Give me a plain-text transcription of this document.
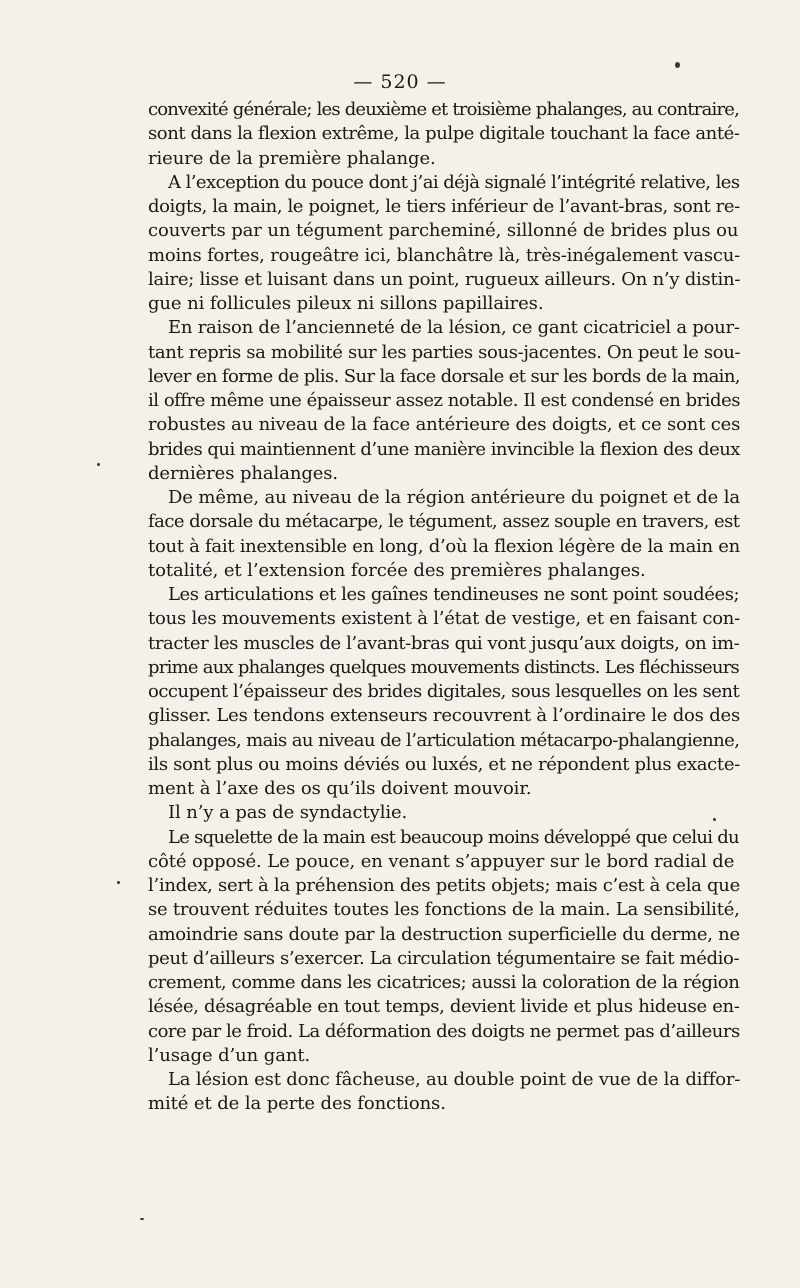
— 520 —

convexité générale; les deuxième et troisième phalanges, au contraire,

sont dans la flexion extrême, la pulpe digitale touchant la face anté-

rieure de la première phalange.

A l’exception du pouce dont j’ai déjà signalé l’intégrité relative, les

doigts, la main, le poignet, le tiers inférieur de l’avant-bras, sont re-

couverts par un tégument parcheminé, sillonné de brides plus ou

moins fortes, rougeâtre ici, blanchâtre là, très-inégalement vascu-

laire; lisse et luisant dans un point, rugueux ailleurs. On n’y distin-

gue ni follicules pileux ni sillons papillaires.

En raison de l’ancienneté de la lésion, ce gant cicatriciel a pour-

tant repris sa mobilité sur les parties sous-jacentes. On peut le sou-

lever en forme de plis. Sur la face dorsale et sur les bords de la main,

il offre même une épaisseur assez notable. Il est condensé en brides

robustes au niveau de la face antérieure des doigts, et ce sont ces

brides qui maintiennent d’une manière invincible la flexion des deux

dernières phalanges.

De même, au niveau de la région antérieure du poignet et de la

face dorsale du métacarpe, le tégument, assez souple en travers, est

tout à fait inextensible en long, d’où la flexion légère de la main en

totalité, et l’extension forcée des premières phalanges.

Les articulations et les gaînes tendineuses ne sont point soudées;

tous les mouvements existent à l’état de vestige, et en faisant con-

tracter les muscles de l’avant-bras qui vont jusqu’aux doigts, on im-

prime aux phalanges quelques mouvements distincts. Les fléchisseurs

occupent l’épaisseur des brides digitales, sous lesquelles on les sent

glisser. Les tendons extenseurs recouvrent à l’ordinaire le dos des

phalanges, mais au niveau de l’articulation métacarpo-phalangienne,

ils sont plus ou moins déviés ou luxés, et ne répondent plus exacte-

ment à l’axe des os qu’ils doivent mouvoir.

Il n’y a pas de syndactylie.

Le squelette de la main est beaucoup moins développé que celui du

côté opposé. Le pouce, en venant s’appuyer sur le bord radial de

l’index, sert à la préhension des petits objets; mais c’est à cela que

se trouvent réduites toutes les fonctions de la main. La sensibilité,

amoindrie sans doute par la destruction superficielle du derme, ne

peut d’ailleurs s’exercer. La circulation tégumentaire se fait médio-

crement, comme dans les cicatrices; aussi la coloration de la région

lésée, désagréable en tout temps, devient livide et plus hideuse en-

core par le froid. La déformation des doigts ne permet pas d’ailleurs

l’usage d’un gant.

La lésion est donc fâcheuse, au double point de vue de la diffor-

mité et de la perte des fonctions.
